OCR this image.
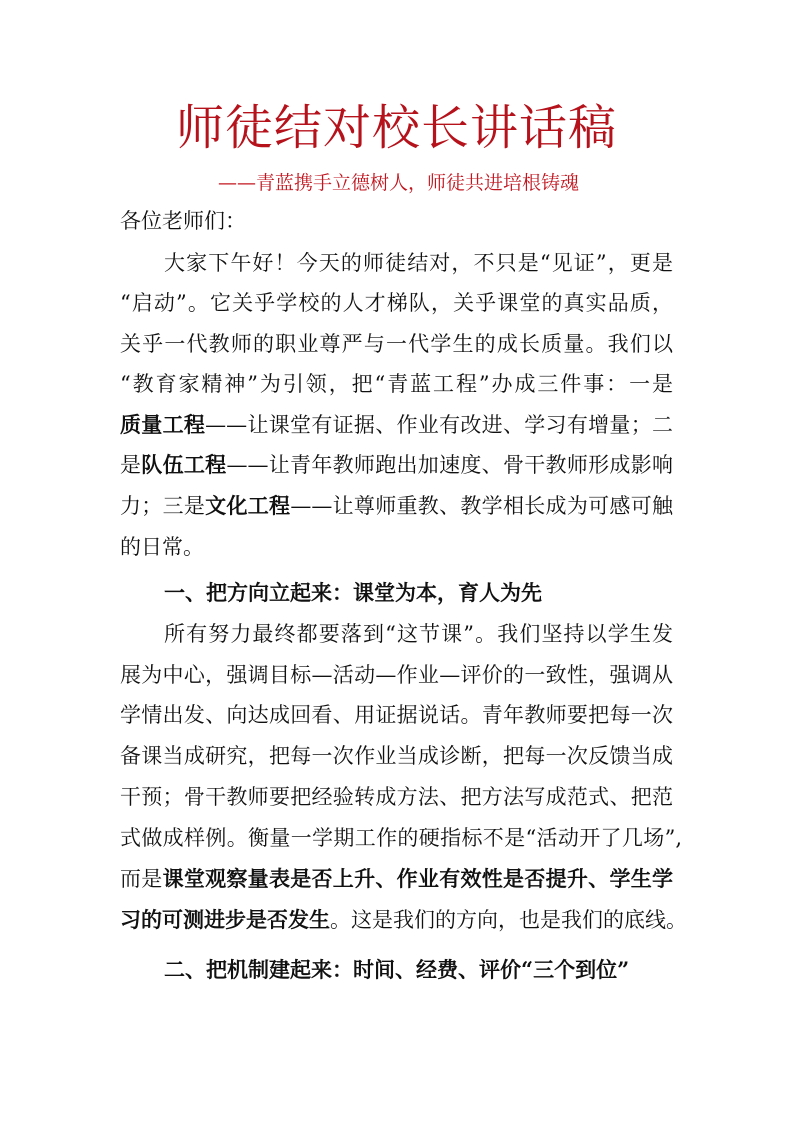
师徒结对校长讲话稿
——青蓝携手立德树人，师徒共进培根铸魂
各位老师们：
大家下午好！今天的师徒结对，不只是“见证”，更是
“启动”。它关乎学校的人才梯队，关乎课堂的真实品质，
关乎一代教师的职业尊严与一代学生的成长质量。我们以
“教育家精神”为引领，把“青蓝工程”办成三件事：一是
质量工程——让课堂有证据、作业有改进、学习有增量；二
是队伍工程——让青年教师跑出加速度、骨干教师形成影响
力；三是文化工程——让尊师重教、教学相长成为可感可触
的日常。
一、把方向立起来：课堂为本，育人为先
所有努力最终都要落到“这节课”。我们坚持以学生发
展为中心，强调目标—活动—作业—评价的一致性，强调从
学情出发、向达成回看、用证据说话。青年教师要把每一次
备课当成研究，把每一次作业当成诊断，把每一次反馈当成
干预；骨干教师要把经验转成方法、把方法写成范式、把范
式做成样例。衡量一学期工作的硬指标不是“活动开了几场”,
而是课堂观察量表是否上升、作业有效性是否提升、学生学
习的可测进步是否发生。这是我们的方向，也是我们的底线。
二、把机制建起来：时间、经费、评价“三个到位”
